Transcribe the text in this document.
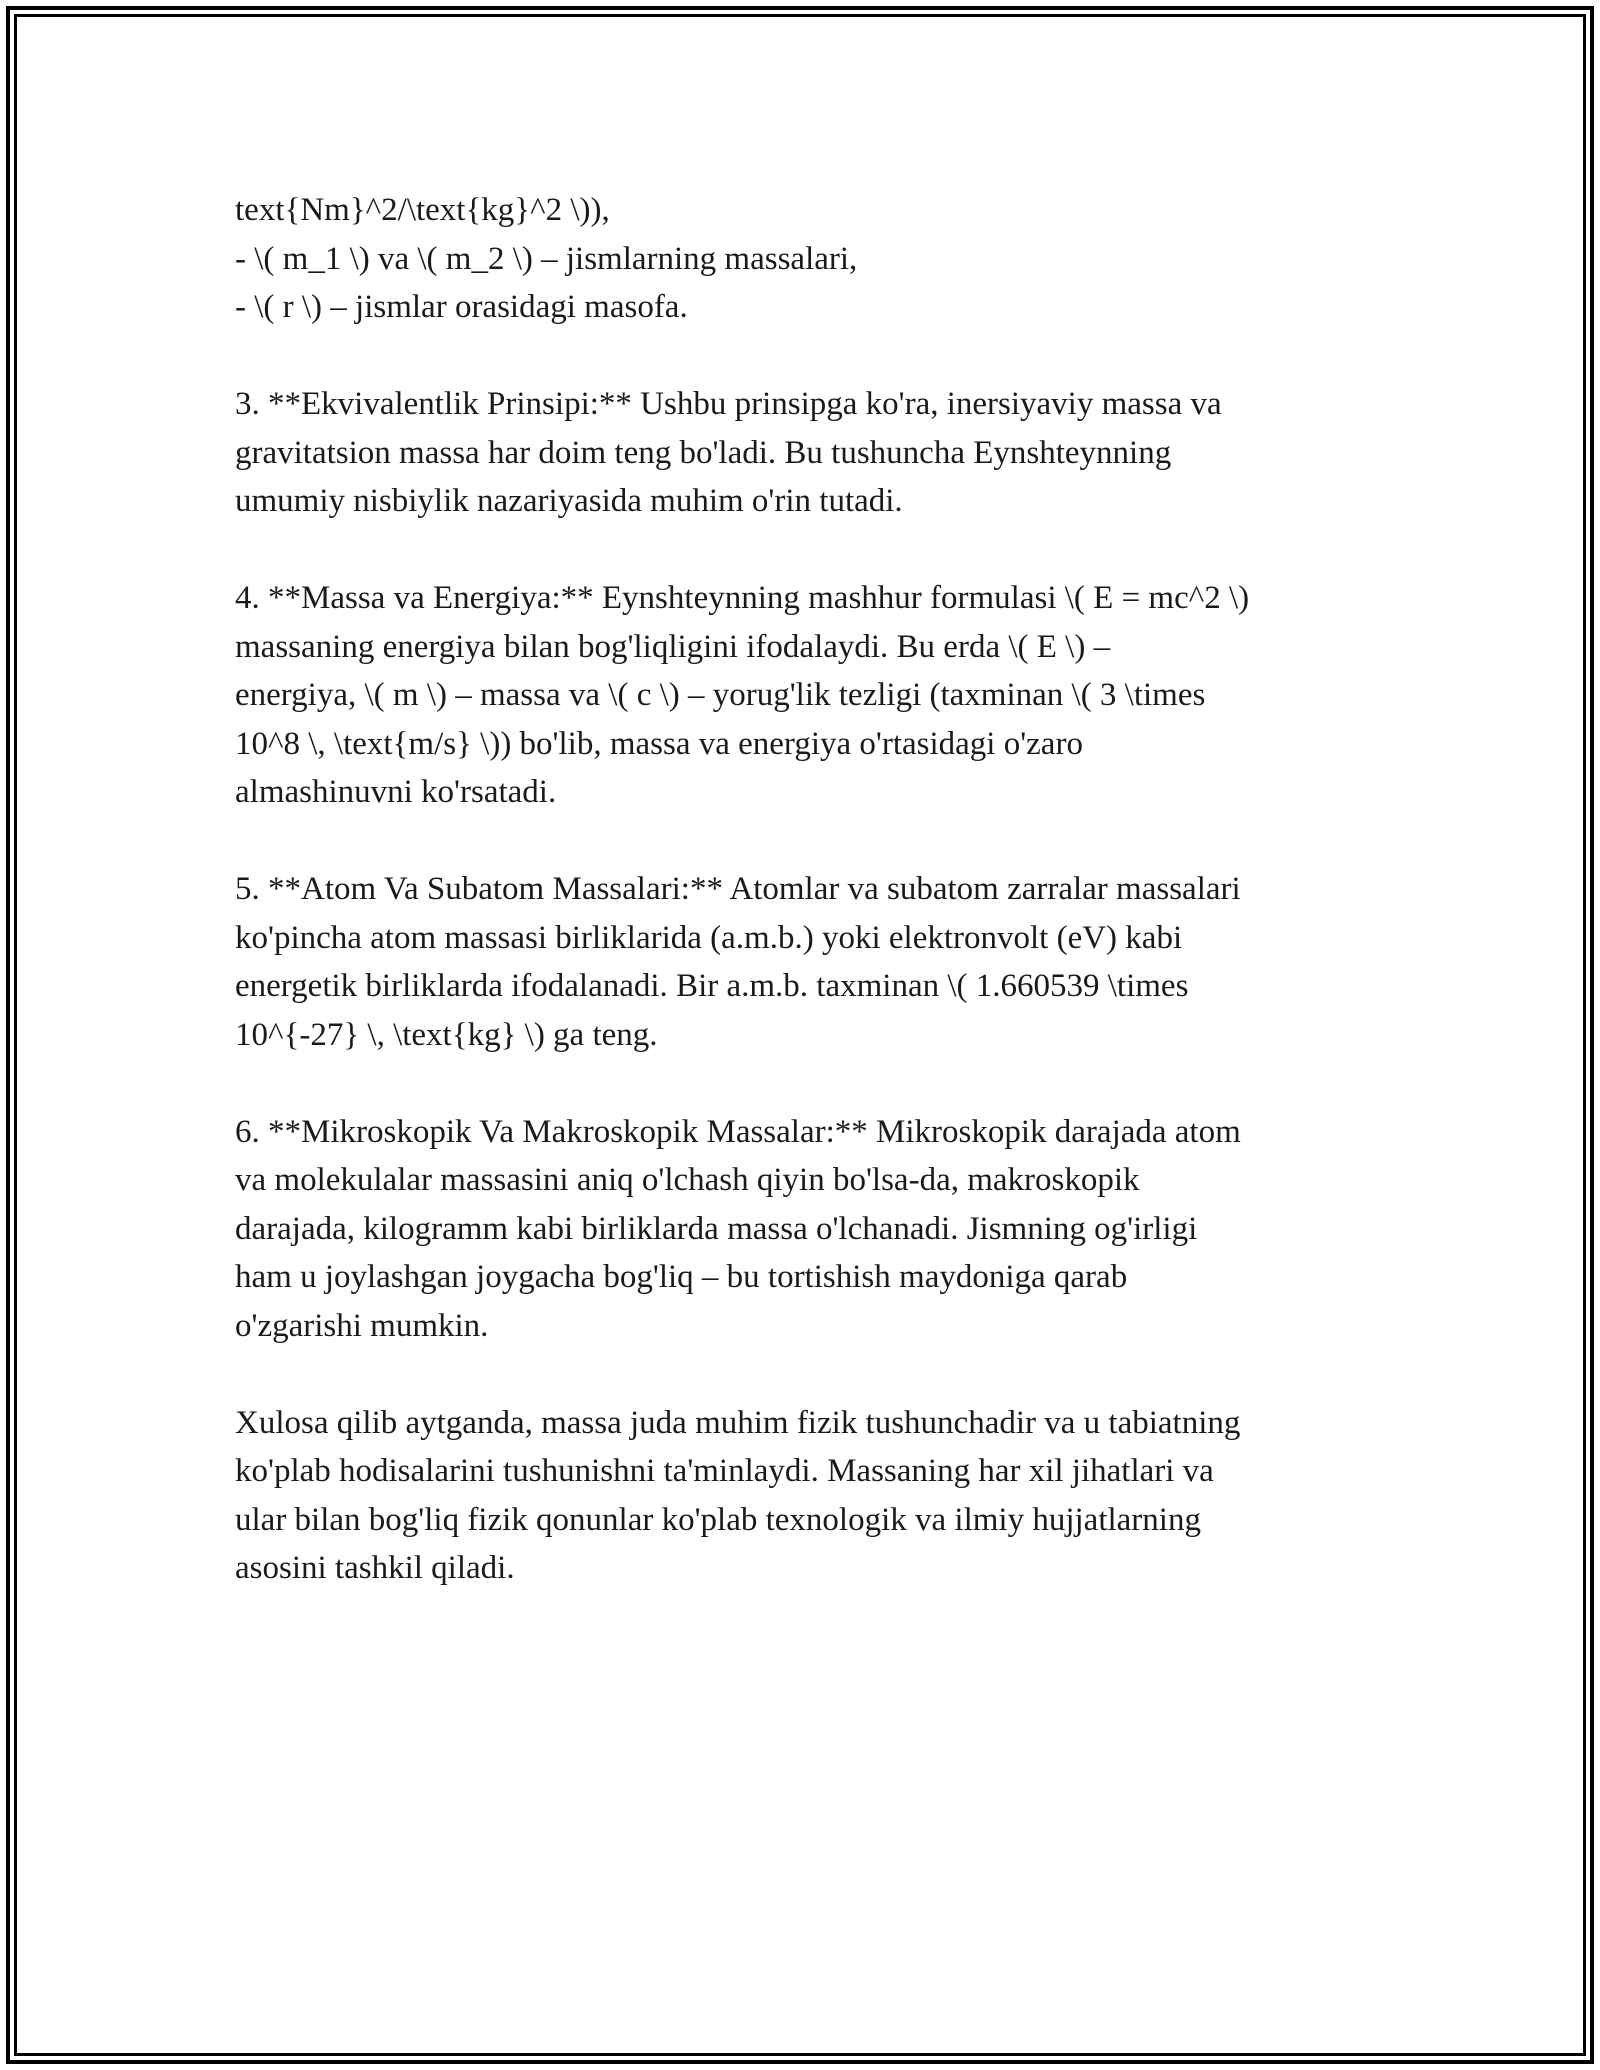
text{Nm}^2/\text{kg}^2 \)),
- \( m_1 \) va \( m_2 \) – jismlarning massalari,
- \( r \) – jismlar orasidagi masofa.
3. **Ekvivalentlik Prinsipi:** Ushbu prinsipga ko'ra, inersiyaviy massa va
gravitatsion massa har doim teng bo'ladi. Bu tushuncha Eynshteynning
umumiy nisbiylik nazariyasida muhim o'rin tutadi.
4. **Massa va Energiya:** Eynshteynning mashhur formulasi \( E = mc^2 \)
massaning energiya bilan bog'liqligini ifodalaydi. Bu erda \( E \) –
energiya, \( m \) – massa va \( c \) – yorug'lik tezligi (taxminan \( 3 \times
10^8 \, \text{m/s} \)) bo'lib, massa va energiya o'rtasidagi o'zaro
almashinuvni ko'rsatadi.
5. **Atom Va Subatom Massalari:** Atomlar va subatom zarralar massalari
ko'pincha atom massasi birliklarida (a.m.b.) yoki elektronvolt (eV) kabi
energetik birliklarda ifodalanadi. Bir a.m.b. taxminan \( 1.660539 \times
10^{-27} \, \text{kg} \) ga teng.
6. **Mikroskopik Va Makroskopik Massalar:** Mikroskopik darajada atom
va molekulalar massasini aniq o'lchash qiyin bo'lsa-da, makroskopik
darajada, kilogramm kabi birliklarda massa o'lchanadi. Jismning og'irligi
ham u joylashgan joygacha bog'liq – bu tortishish maydoniga qarab
o'zgarishi mumkin.
Xulosa qilib aytganda, massa juda muhim fizik tushunchadir va u tabiatning
ko'plab hodisalarini tushunishni ta'minlaydi. Massaning har xil jihatlari va
ular bilan bog'liq fizik qonunlar ko'plab texnologik va ilmiy hujjatlarning
asosini tashkil qiladi.
